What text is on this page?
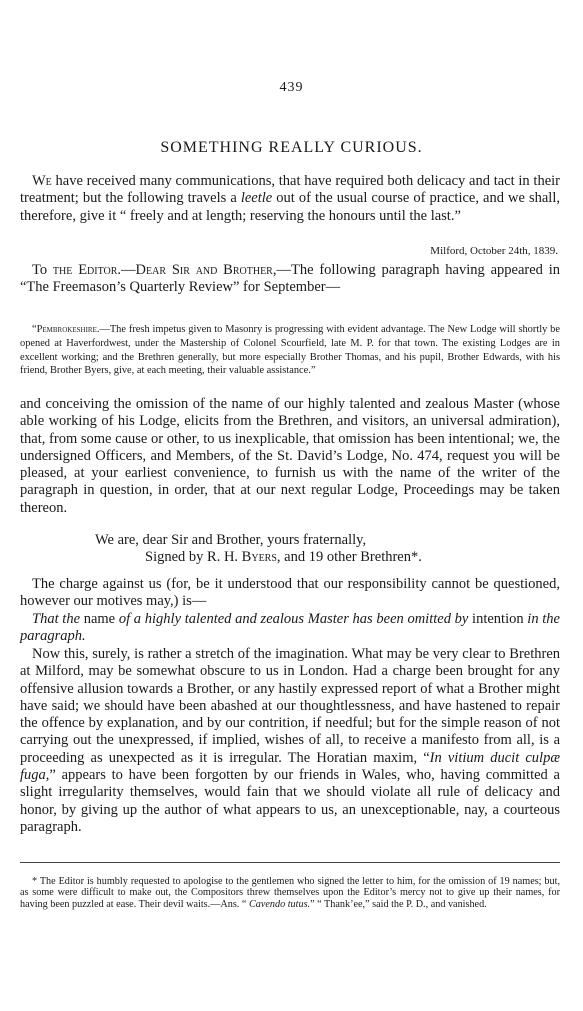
439
SOMETHING REALLY CURIOUS.

We have received many communications, that have required both delicacy and tact in their treatment; but the following travels a leetle out of the usual course of practice, and we shall, therefore, give it “ freely and at length; reserving the honours until the last.”

Milford, October 24th, 1839.

To the Editor.—Dear Sir and Brother,—The following paragraph having appeared in “The Freemason’s Quarterly Review” for September—

“Pembrokeshire.—The fresh impetus given to Masonry is progressing with evident advantage. The New Lodge will shortly be opened at Haverfordwest, under the Mastership of Colonel Scourfield, late M. P. for that town. The existing Lodges are in excellent working; and the Brethren generally, but more especially Brother Thomas, and his pupil, Brother Edwards, with his friend, Brother Byers, give, at each meeting, their valuable assistance.”

and conceiving the omission of the name of our highly talented and zealous Master (whose able working of his Lodge, elicits from the Brethren, and visitors, an universal admiration), that, from some cause or other, to us inexplicable, that omission has been intentional; we, the undersigned Officers, and Members, of the St. David’s Lodge, No. 474, request you will be pleased, at your earliest convenience, to furnish us with the name of the writer of the paragraph in question, in order, that at our next regular Lodge, Proceedings may be taken thereon.

We are, dear Sir and Brother, yours fraternally,
Signed by R. H. Byers, and 19 other Brethren*.

The charge against us (for, be it understood that our responsibility cannot be questioned, however our motives may,) is—

That the name of a highly talented and zealous Master has been omitted by intention in the paragraph.

Now this, surely, is rather a stretch of the imagination. What may be very clear to Brethren at Milford, may be somewhat obscure to us in London. Had a charge been brought for any offensive allusion towards a Brother, or any hastily expressed report of what a Brother might have said; we should have been abashed at our thoughtlessness, and have hastened to repair the offence by explanation, and by our contrition, if needful; but for the simple reason of not carrying out the unexpressed, if implied, wishes of all, to receive a manifesto from all, is a proceeding as unexpected as it is irregular. The Horatian maxim, “In vitium ducit culpæ fuga,” appears to have been forgotten by our friends in Wales, who, having committed a slight irregularity themselves, would fain that we should violate all rule of delicacy and honor, by giving up the author of what appears to us, an unexceptionable, nay, a courteous paragraph.

* The Editor is humbly requested to apologise to the gentlemen who signed the letter to him, for the omission of 19 names; but, as some were difficult to make out, the Compositors threw themselves upon the Editor’s mercy not to give up their names, for having been puzzled at ease. Their devil waits.—Ans. “ Cavendo tutus.” “ Thank’ee,” said the P. D., and vanished.
